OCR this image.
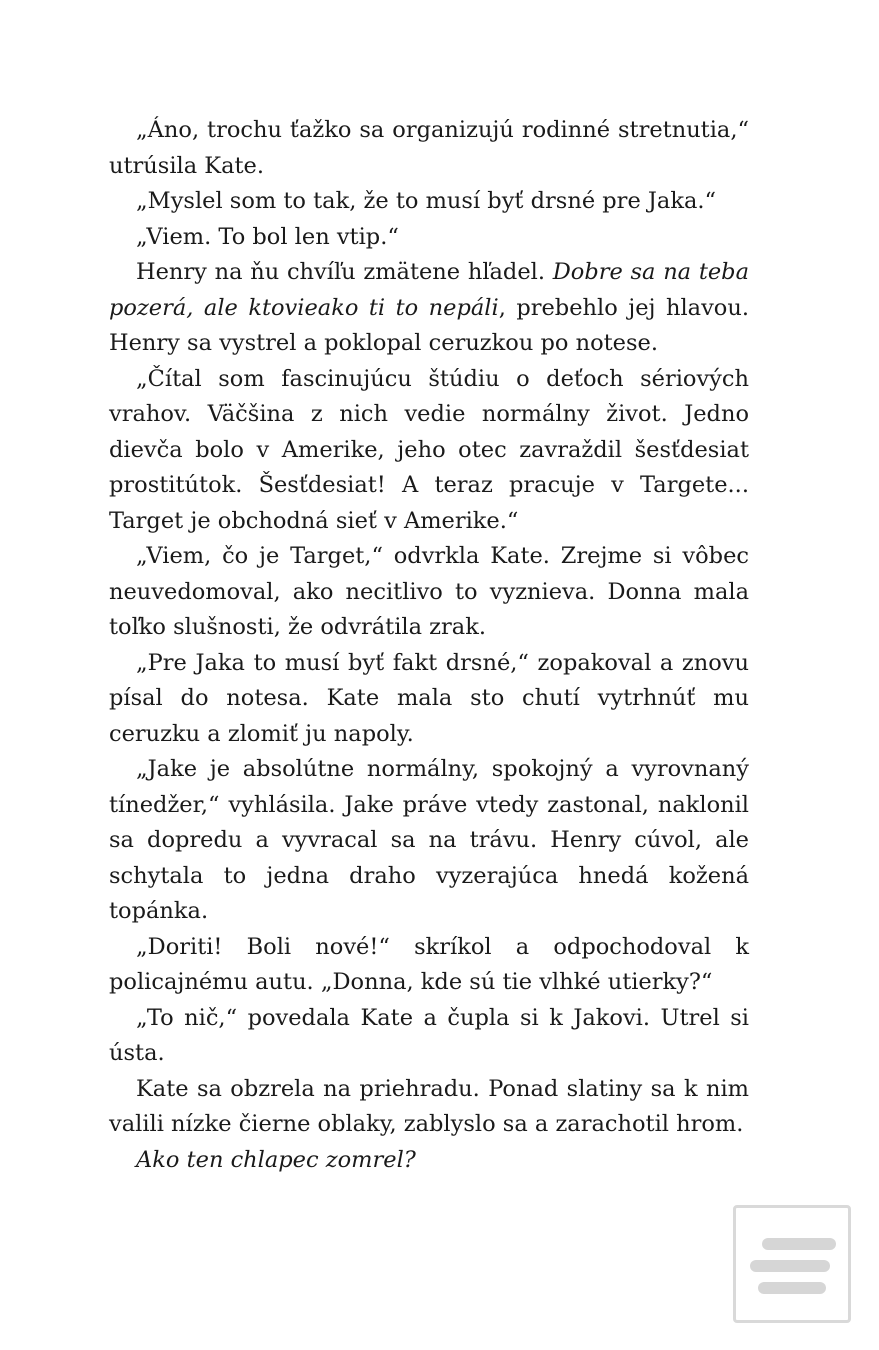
„Áno, trochu ťažko sa organizujú rodinné stretnutia,“ utrúsila Kate.

„Myslel som to tak, že to musí byť drsné pre Jaka.“

„Viem. To bol len vtip.“

Henry na ňu chvíľu zmätene hľadel. Dobre sa na teba pozerá, ale ktovieako ti to nepáli, prebehlo jej hlavou. Henry sa vystrel a poklopal ceruzkou po notese.

„Čítal som fascinujúcu štúdiu o deťoch sériových vrahov. Väčšina z nich vedie normálny život. Jedno dievča bolo v Amerike, jeho otec zavraždil šesťdesiat prostitútok. Šesťdesiat! A teraz pracuje v Targete... Target je obchodná sieť v Amerike.“

„Viem, čo je Target,“ odvrkla Kate. Zrejme si vôbec neuvedomoval, ako necitlivo to vyznieva. Donna mala toľko slušnosti, že odvrátila zrak.

„Pre Jaka to musí byť fakt drsné,“ zopakoval a znovu písal do notesa. Kate mala sto chutí vytrhnúť mu ceruzku a zlomiť ju napoly.

„Jake je absolútne normálny, spokojný a vyrovnaný tínedžer,“ vyhlásila. Jake práve vtedy zastonal, naklonil sa dopredu a vyvracal sa na trávu. Henry cúvol, ale schytala to jedna draho vyzerajúca hnedá kožená topánka.

„Doriti! Boli nové!“ skríkol a odpochodoval k policajnému autu. „Donna, kde sú tie vlhké utierky?“

„To nič,“ povedala Kate a čupla si k Jakovi. Utrel si ústa.

Kate sa obzrela na priehradu. Ponad slatiny sa k nim valili nízke čierne oblaky, zablyslo sa a zarachotil hrom.

Ako ten chlapec zomrel?
